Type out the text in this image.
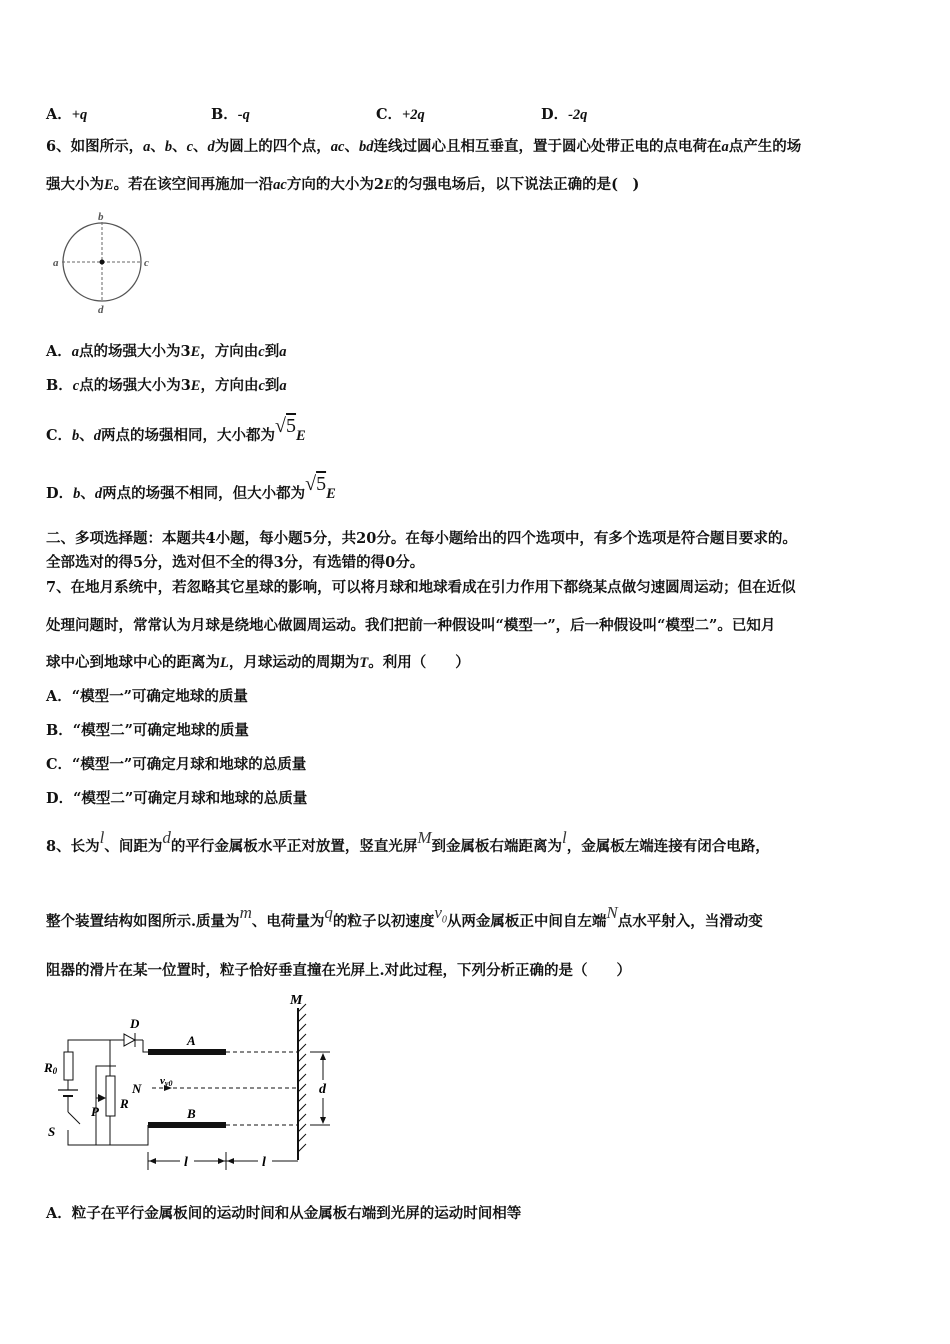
A．+q	B．-q	C．+2q	D．-2q
6、如图所示，a、b、c、d为圆上的四个点，ac、bd连线过圆心且相互垂直，置于圆心处带正电的点电荷在a点产生的场
强大小为E。若在该空间再施加一沿ac方向的大小为2E的匀强电场后，以下说法正确的是(　)
b
a	c
d
A．a点的场强大小为3E，方向由c到a
B．c点的场强大小为3E，方向由c到a
C．b、d两点的场强相同，大小都为√5E
D．b、d两点的场强不相同，但大小都为√5E
二、多项选择题：本题共4小题，每小题5分，共20分。在每小题给出的四个选项中，有多个选项是符合题目要求的。
全部选对的得5分，选对但不全的得3分，有选错的得0分。
7、在地月系统中，若忽略其它星球的影响，可以将月球和地球看成在引力作用下都绕某点做匀速圆周运动；但在近似
处理问题时，常常认为月球是绕地心做圆周运动。我们把前一种假设叫“模型一”，后一种假设叫“模型二”。已知月
球中心到地球中心的距离为L，月球运动的周期为T。利用（　　）
A．“模型一”可确定地球的质量
B．“模型二”可确定地球的质量
C．“模型一”可确定月球和地球的总质量
D．“模型二”可确定月球和地球的总质量
8、长为l、间距为d的平行金属板水平正对放置，竖直光屏M到金属板右端距离为l，金属板左端连接有闭合电路，
整个装置结构如图所示.质量为m、电荷量为q的粒子以初速度$v_0$从两金属板正中间自左端N点水平射入，当滑动变
阻器的滑片在某一位置时，粒子恰好垂直撞在光屏上.对此过程，下列分析正确的是（　　）
M
A
B
vv0
N	d
D
R0
S
R
P
l	l
A．粒子在平行金属板间的运动时间和从金属板右端到光屏的运动时间相等
